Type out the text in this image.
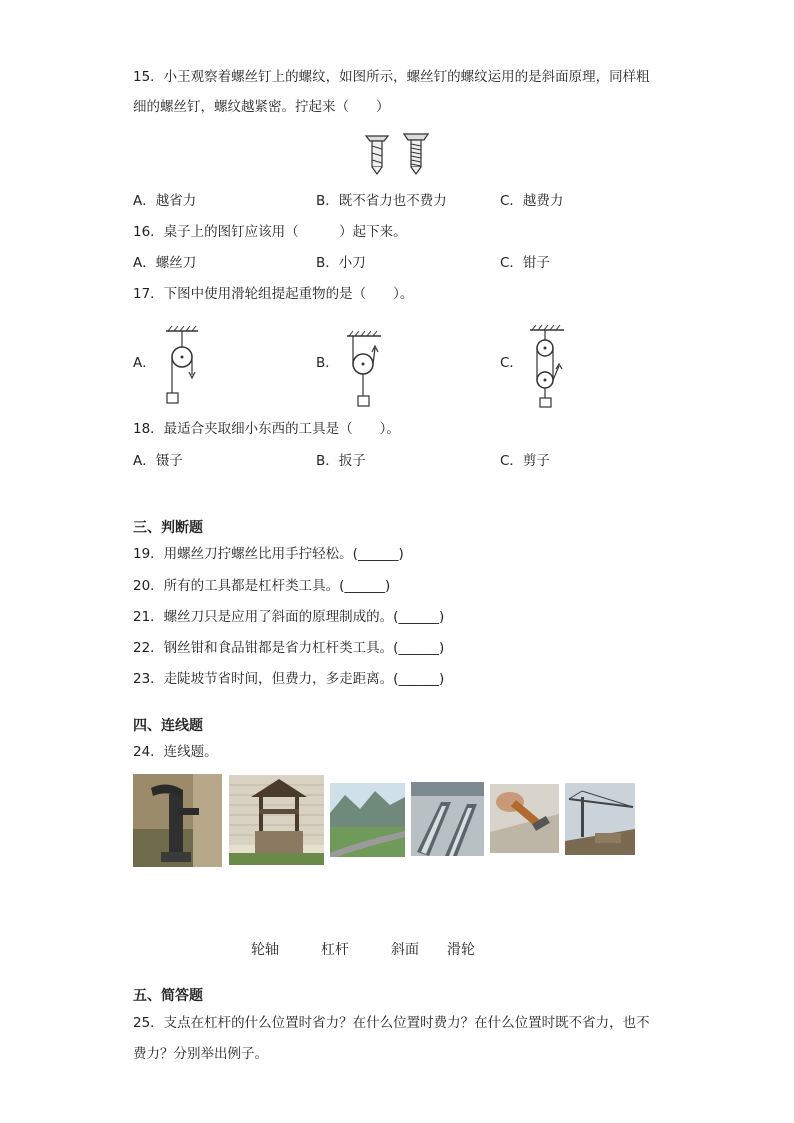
15．小王观察着螺丝钉上的螺纹，如图所示，螺丝钉的螺纹运用的是斜面原理，同样粗
细的螺丝钉，螺纹越紧密。拧起来（　　）
A．越省力	B．既不省力也不费力	C．越费力
16．桌子上的图钉应该用（　　　）起下来。
A．螺丝刀	B．小刀	C．钳子
17．下图中使用滑轮组提起重物的是（　　）。
A．	B．	C．
18．最适合夹取细小东西的工具是（　　）。
A．镊子	B．扳子	C．剪子
三、判断题
19．用螺丝刀拧螺丝比用手拧轻松。(______)
20．所有的工具都是杠杆类工具。(______)
21．螺丝刀只是应用了斜面的原理制成的。(______)
22．钢丝钳和食品钳都是省力杠杆类工具。(______)
23．走陡坡节省时间，但费力，多走距离。(______)
四、连线题
24．连线题。
轮轴	杠杆	斜面 滑轮
五、简答题
25．支点在杠杆的什么位置时省力？在什么位置时费力？在什么位置时既不省力，也不
费力？分别举出例子。
